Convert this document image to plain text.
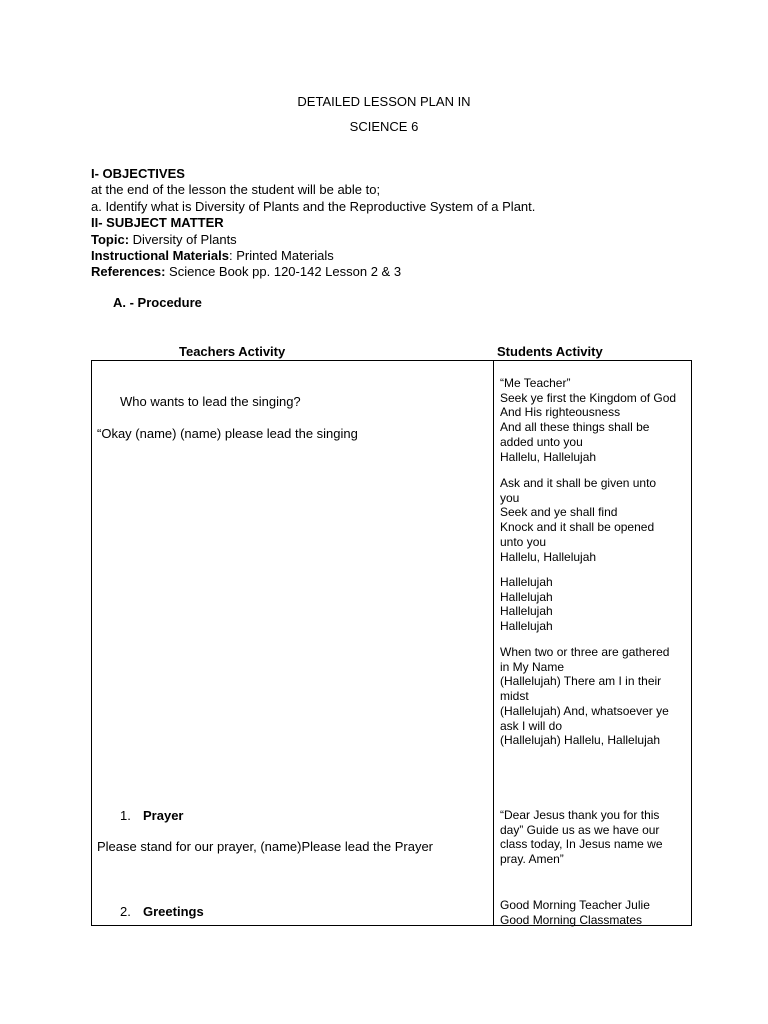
DETAILED LESSON PLAN IN
SCIENCE 6
I- OBJECTIVES
at the end of the lesson the student will be able to;
a. Identify what is Diversity of Plants and the Reproductive System of a Plant.
II- SUBJECT MATTER
Topic: Diversity of Plants
Instructional Materials: Printed Materials
References: Science Book pp. 120-142 Lesson 2 & 3
A. - Procedure
Teachers Activity	Students Activity
Who wants to lead the singing?
“Okay (name) (name) please lead the singing
1. Prayer
Please stand for our prayer, (name)Please lead the Prayer
2. Greetings
“Me Teacher”
Seek ye first the Kingdom of God
And His righteousness
And all these things shall be
added unto you
Hallelu, Hallelujah
Ask and it shall be given unto
you
Seek and ye shall find
Knock and it shall be opened
unto you
Hallelu, Hallelujah
Hallelujah
Hallelujah
Hallelujah
Hallelujah
When two or three are gathered
in My Name
(Hallelujah) There am I in their
midst
(Hallelujah) And, whatsoever ye
ask I will do
(Hallelujah) Hallelu, Hallelujah
“Dear Jesus thank you for this
day” Guide us as we have our
class today, In Jesus name we
pray. Amen”
Good Morning Teacher Julie
Good Morning Classmates
